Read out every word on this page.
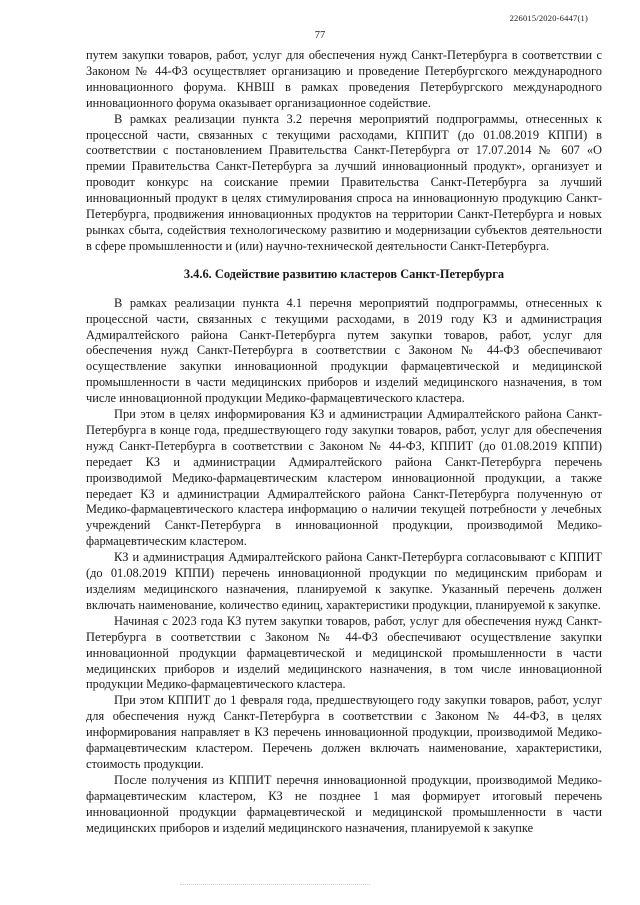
226015/2020-6447(1)
77

путем закупки товаров, работ, услуг для обеспечения нужд Санкт-Петербурга в соответствии с Законом № 44-ФЗ осуществляет организацию и проведение Петербургского международного инновационного форума. КНВШ в рамках проведения Петербургского международного инновационного форума оказывает организационное содействие.

В рамках реализации пункта 3.2 перечня мероприятий подпрограммы, отнесенных к процессной части, связанных с текущими расходами, КППИТ (до 01.08.2019 КППИ) в соответствии с постановлением Правительства Санкт-Петербурга от 17.07.2014 № 607 «О премии Правительства Санкт-Петербурга за лучший инновационный продукт», организует и проводит конкурс на соискание премии Правительства Санкт-Петербурга за лучший инновационный продукт в целях стимулирования спроса на инновационную продукцию Санкт-Петербурга, продвижения инновационных продуктов на территории Санкт-Петербурга и новых рынках сбыта, содействия технологическому развитию и модернизации субъектов деятельности в сфере промышленности и (или) научно-технической деятельности Санкт-Петербурга.

3.4.6. Содействие развитию кластеров Санкт-Петербурга

В рамках реализации пункта 4.1 перечня мероприятий подпрограммы, отнесенных к процессной части, связанных с текущими расходами, в 2019 году КЗ и администрация Адмиралтейского района Санкт-Петербурга путем закупки товаров, работ, услуг для обеспечения нужд Санкт-Петербурга в соответствии с Законом № 44-ФЗ обеспечивают осуществление закупки инновационной продукции фармацевтической и медицинской промышленности в части медицинских приборов и изделий медицинского назначения, в том числе инновационной продукции Медико-фармацевтического кластера.

При этом в целях информирования КЗ и администрации Адмиралтейского района Санкт-Петербурга в конце года, предшествующего году закупки товаров, работ, услуг для обеспечения нужд Санкт-Петербурга в соответствии с Законом № 44-ФЗ, КППИТ (до 01.08.2019 КППИ) передает КЗ и администрации Адмиралтейского района Санкт-Петербурга перечень производимой Медико-фармацевтическим кластером инновационной продукции, а также передает КЗ и администрации Адмиралтейского района Санкт-Петербурга полученную от Медико-фармацевтического кластера информацию о наличии текущей потребности у лечебных учреждений Санкт-Петербурга в инновационной продукции, производимой Медико-фармацевтическим кластером.

КЗ и администрация Адмиралтейского района Санкт-Петербурга согласовывают с КППИТ (до 01.08.2019 КППИ) перечень инновационной продукции по медицинским приборам и изделиям медицинского назначения, планируемой к закупке. Указанный перечень должен включать наименование, количество единиц, характеристики продукции, планируемой к закупке.

Начиная с 2023 года КЗ путем закупки товаров, работ, услуг для обеспечения нужд Санкт-Петербурга в соответствии с Законом № 44-ФЗ обеспечивают осуществление закупки инновационной продукции фармацевтической и медицинской промышленности в части медицинских приборов и изделий медицинского назначения, в том числе инновационной продукции Медико-фармацевтического кластера.

При этом КППИТ до 1 февраля года, предшествующего году закупки товаров, работ, услуг для обеспечения нужд Санкт-Петербурга в соответствии с Законом № 44-ФЗ, в целях информирования направляет в КЗ перечень инновационной продукции, производимой Медико-фармацевтическим кластером. Перечень должен включать наименование, характеристики, стоимость продукции.

После получения из КППИТ перечня инновационной продукции, производимой Медико-фармацевтическим кластером, КЗ не позднее 1 мая формирует итоговый перечень инновационной продукции фармацевтической и медицинской промышленности в части медицинских приборов и изделий медицинского назначения, планируемой к закупке
